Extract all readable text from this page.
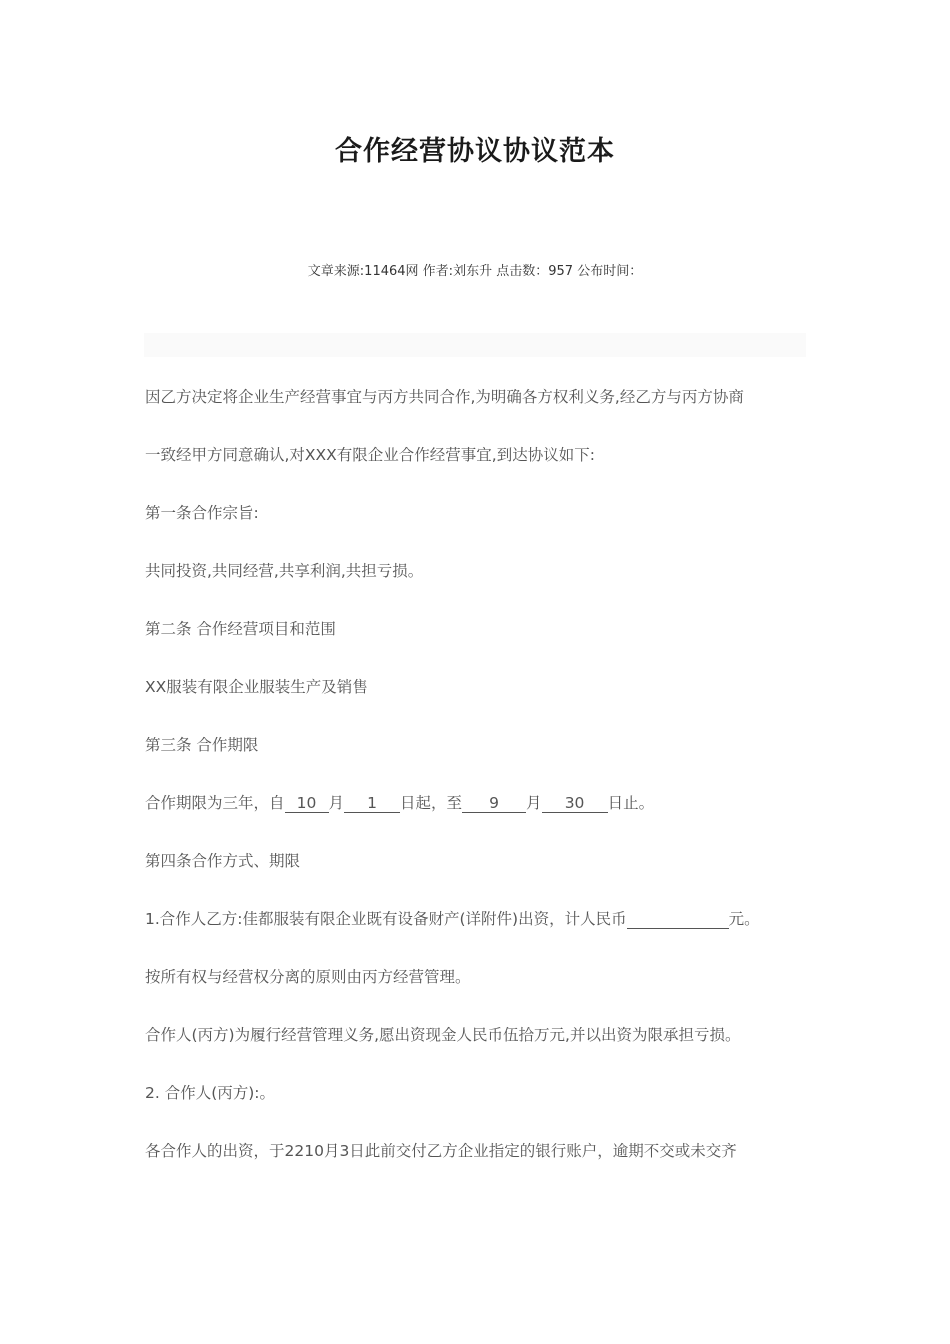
合作经营协议协议范本
文章来源:11464网 作者:刘东升 点击数：957 公布时间：
因乙方决定将企业生产经营事宜与丙方共同合作,为明确各方权利义务,经乙方与丙方协商
一致经甲方同意确认,对XXX有限企业合作经营事宜,到达协议如下:
第一条合作宗旨:
共同投资,共同经营,共享利润,共担亏损。
第二条 合作经营项目和范围
XX服装有限企业服装生产及销售
第三条 合作期限
合作期限为三年，自 10 月 1 日起，至 9 月 30 日止。
第四条合作方式、期限
1.合作人乙方:佳都服装有限企业既有设备财产(详附件)出资，计人民币	元。
按所有权与经营权分离的原则由丙方经营管理。
合作人(丙方)为履行经营管理义务,愿出资现金人民币伍拾万元,并以出资为限承担亏损。
2. 合作人(丙方):。
各合作人的出资，于2210月3日此前交付乙方企业指定的银行账户，逾期不交或未交齐
